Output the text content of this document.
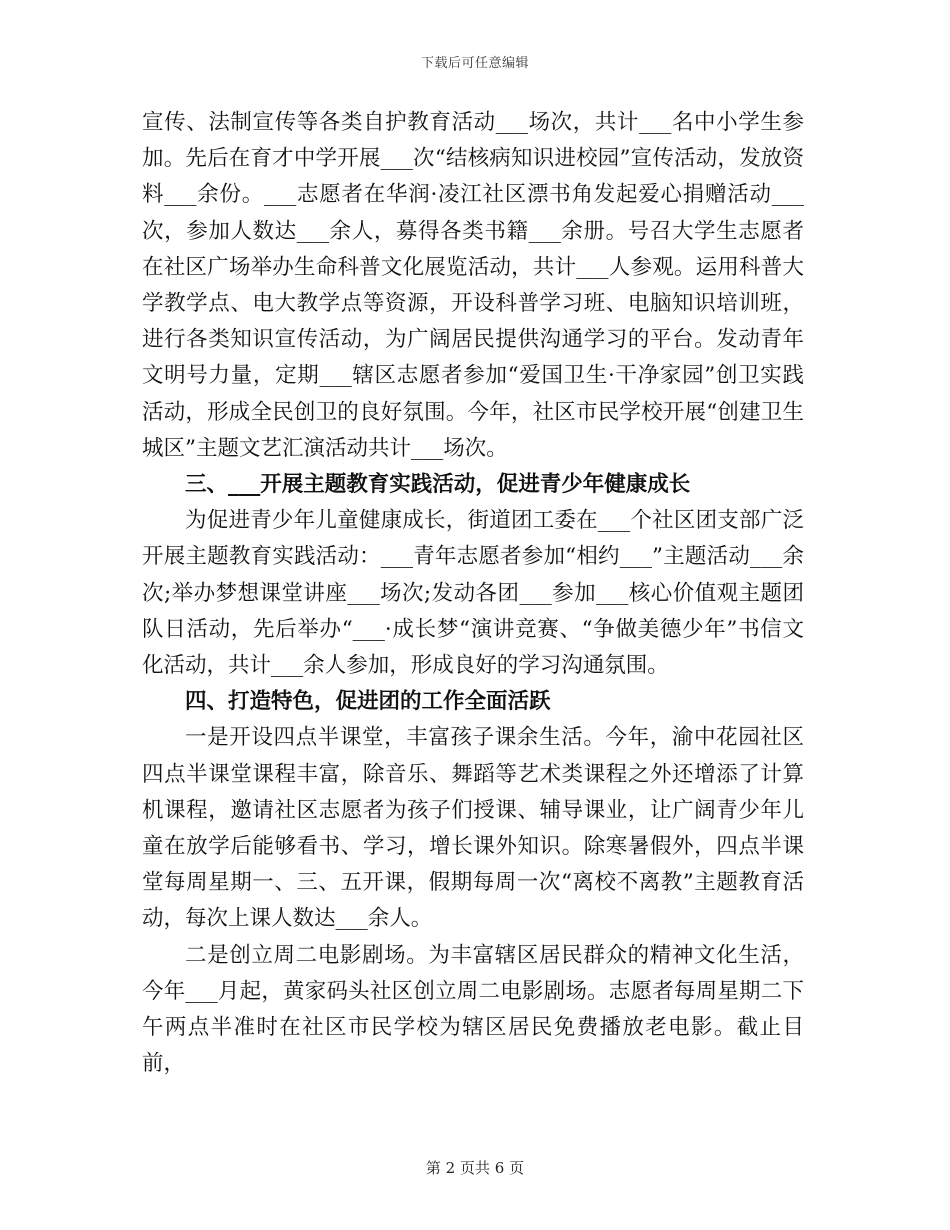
下载后可任意编辑

宣传、法制宣传等各类自护教育活动___场次，共计___名中小学生参加。先后在育才中学开展___次“结核病知识进校园”宣传活动，发放资料___余份。___志愿者在华润·凌江社区漂书角发起爱心捐赠活动___次，参加人数达___余人，募得各类书籍___余册。号召大学生志愿者在社区广场举办生命科普文化展览活动，共计___人参观。运用科普大学教学点、电大教学点等资源，开设科普学习班、电脑知识培训班，进行各类知识宣传活动，为广阔居民提供沟通学习的平台。发动青年文明号力量，定期___辖区志愿者参加“爱国卫生·干净家园”创卫实践活动，形成全民创卫的良好氛围。今年，社区市民学校开展“创建卫生城区”主题文艺汇演活动共计___场次。

三、___开展主题教育实践活动，促进青少年健康成长

为促进青少年儿童健康成长，街道团工委在___个社区团支部广泛开展主题教育实践活动：___青年志愿者参加“相约___”主题活动___余次;举办梦想课堂讲座___场次;发动各团___参加___核心价值观主题团队日活动，先后举办“___·成长梦“演讲竞赛、“争做美德少年”书信文化活动，共计___余人参加，形成良好的学习沟通氛围。

四、打造特色，促进团的工作全面活跃

一是开设四点半课堂，丰富孩子课余生活。今年，渝中花园社区四点半课堂课程丰富，除音乐、舞蹈等艺术类课程之外还增添了计算机课程，邀请社区志愿者为孩子们授课、辅导课业，让广阔青少年儿童在放学后能够看书、学习，增长课外知识。除寒暑假外，四点半课堂每周星期一、三、五开课，假期每周一次“离校不离教”主题教育活动，每次上课人数达___余人。

二是创立周二电影剧场。为丰富辖区居民群众的精神文化生活，今年___月起，黄家码头社区创立周二电影剧场。志愿者每周星期二下午两点半准时在社区市民学校为辖区居民免费播放老电影。截止目前，

第 2 页共 6 页
